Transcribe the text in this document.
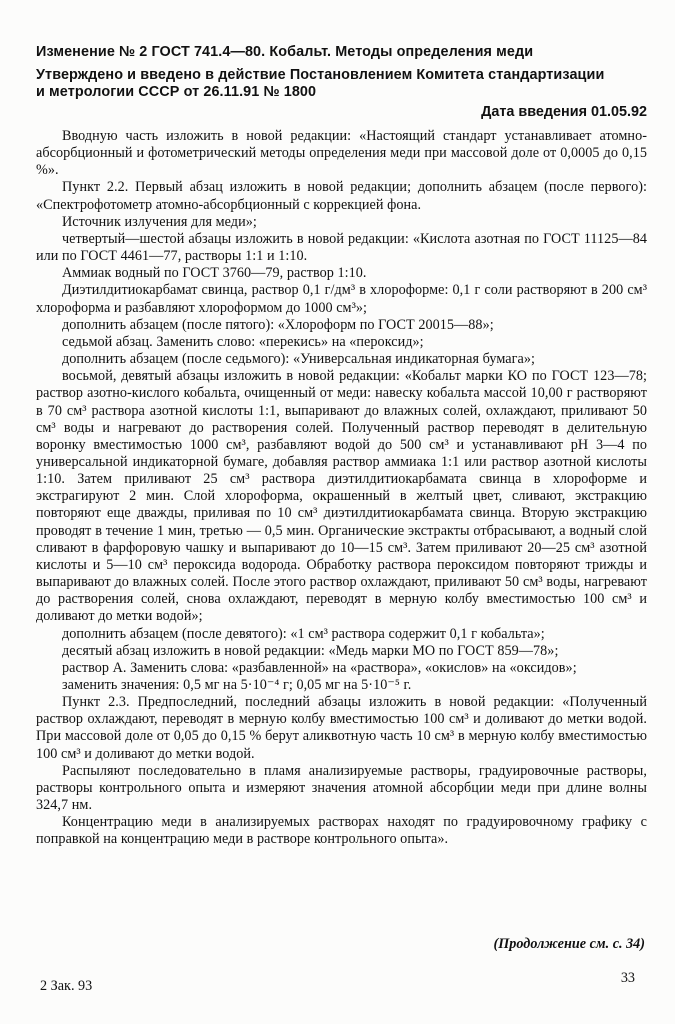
Изменение № 2 ГОСТ 741.4—80. Кобальт. Методы определения меди
Утверждено и введено в действие Постановлением Комитета стандартизации
и метрологии СССР от 26.11.91 № 1800
Дата введения 01.05.92

Вводную часть изложить в новой редакции: «Настоящий стандарт устанавливает атомно-абсорбционный и фотометрический методы определения меди при массовой доле от 0,0005 до 0,15 %».

Пункт 2.2. Первый абзац изложить в новой редакции; дополнить абзацем (после первого): «Спектрофотометр атомно-абсорбционный с коррекцией фона.

Источник излучения для меди»;

четвертый—шестой абзацы изложить в новой редакции: «Кислота азотная по ГОСТ 11125—84 или по ГОСТ 4461—77, растворы 1:1 и 1:10.

Аммиак водный по ГОСТ 3760—79, раствор 1:10.

Диэтилдитиокарбамат свинца, раствор 0,1 г/дм³ в хлороформе: 0,1 г соли растворяют в 200 см³ хлороформа и разбавляют хлороформом до 1000 см³»;

дополнить абзацем (после пятого): «Хлороформ по ГОСТ 20015—88»;

седьмой абзац. Заменить слово: «перекись» на «пероксид»;

дополнить абзацем (после седьмого): «Универсальная индикаторная бумага»;

восьмой, девятый абзацы изложить в новой редакции: «Кобальт марки КО по ГОСТ 123—78; раствор азотно-кислого кобальта, очищенный от меди: навеску кобальта массой 10,00 г растворяют в 70 см³ раствора азотной кислоты 1:1, выпаривают до влажных солей, охлаждают, приливают 50 см³ воды и нагревают до растворения солей. Полученный раствор переводят в делительную воронку вместимостью 1000 см³, разбавляют водой до 500 см³ и устанавливают pH 3—4 по универсальной индикаторной бумаге, добавляя раствор аммиака 1:1 или раствор азотной кислоты 1:10. Затем приливают 25 см³ раствора диэтилдитиокарбамата свинца в хлороформе и экстрагируют 2 мин. Слой хлороформа, окрашенный в желтый цвет, сливают, экстракцию повторяют еще дважды, приливая по 10 см³ диэтилдитиокарбамата свинца. Вторую экстракцию проводят в течение 1 мин, третью — 0,5 мин. Органические экстракты отбрасывают, а водный слой сливают в фарфоровую чашку и выпаривают до 10—15 см³. Затем приливают 20—25 см³ азотной кислоты и 5—10 см³ пероксида водорода. Обработку раствора пероксидом повторяют трижды и выпаривают до влажных солей. После этого раствор охлаждают, приливают 50 см³ воды, нагревают до растворения солей, снова охлаждают, переводят в мерную колбу вместимостью 100 см³ и доливают до метки водой»;

дополнить абзацем (после девятого): «1 см³ раствора содержит 0,1 г кобальта»;

десятый абзац изложить в новой редакции: «Медь марки МО по ГОСТ 859—78»;

раствор А. Заменить слова: «разбавленной» на «раствора», «окислов» на «оксидов»;

заменить значения: 0,5 мг на 5·10⁻⁴ г; 0,05 мг на 5·10⁻⁵ г.

Пункт 2.3. Предпоследний, последний абзацы изложить в новой редакции: «Полученный раствор охлаждают, переводят в мерную колбу вместимостью 100 см³ и доливают до метки водой. При массовой доле от 0,05 до 0,15 % берут аликвотную часть 10 см³ в мерную колбу вместимостью 100 см³ и доливают до метки водой.

Распыляют последовательно в пламя анализируемые растворы, градуировочные растворы, растворы контрольного опыта и измеряют значения атомной абсорбции меди при длине волны 324,7 нм.

Концентрацию меди в анализируемых растворах находят по градуировочному графику с поправкой на концентрацию меди в растворе контрольного опыта».

(Продолжение см. с. 34)
2 Зак. 93	33
